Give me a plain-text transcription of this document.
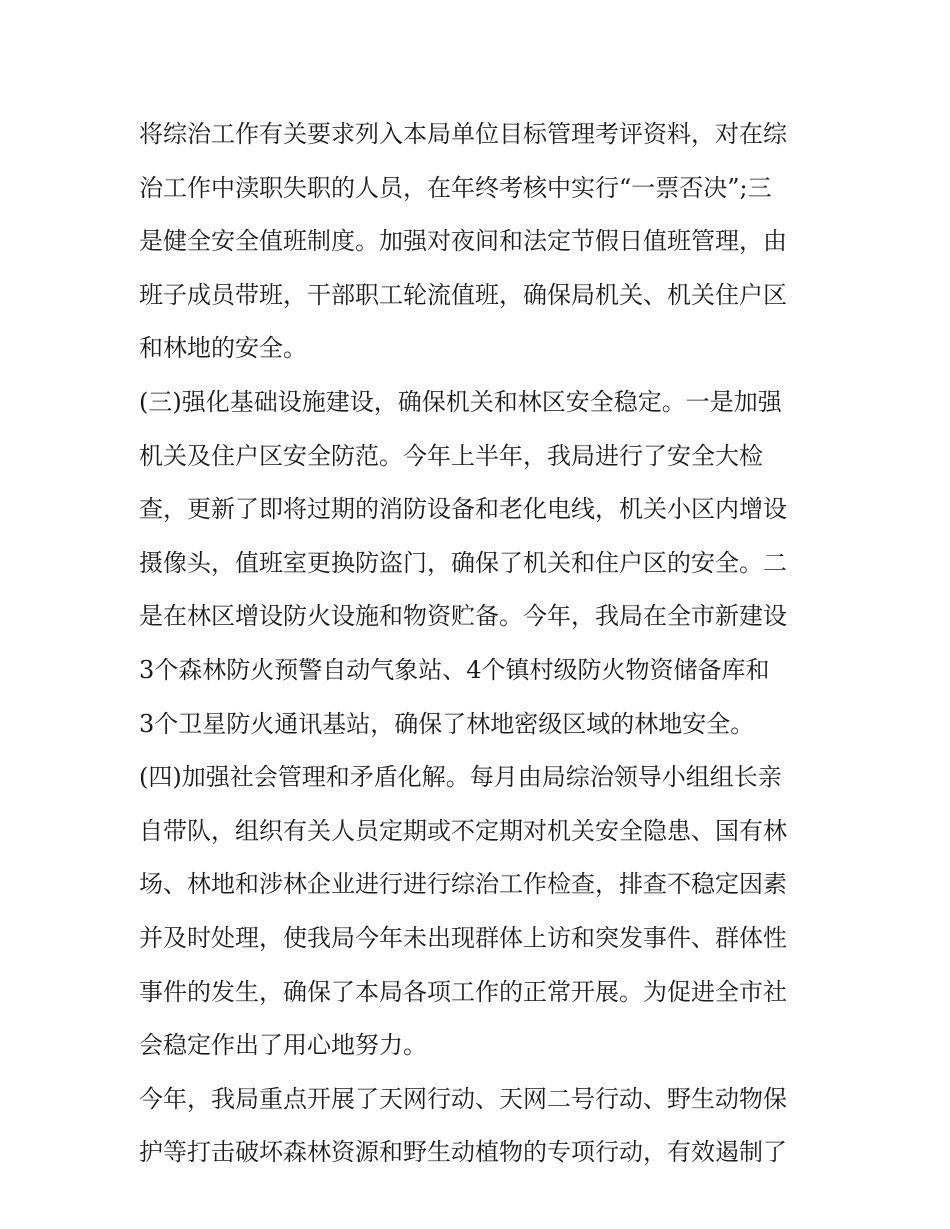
将综治工作有关要求列入本局单位目标管理考评资料，对在综
治工作中渎职失职的人员，在年终考核中实行“一票否决”;三
是健全安全值班制度。加强对夜间和法定节假日值班管理，由
班子成员带班，干部职工轮流值班，确保局机关、机关住户区
和林地的安全。
(三)强化基础设施建设，确保机关和林区安全稳定。一是加强
机关及住户区安全防范。今年上半年，我局进行了安全大检
查，更新了即将过期的消防设备和老化电线，机关小区内增设
摄像头，值班室更换防盗门，确保了机关和住户区的安全。二
是在林区增设防火设施和物资贮备。今年，我局在全市新建设
3个森林防火预警自动气象站、4个镇村级防火物资储备库和
3个卫星防火通讯基站，确保了林地密级区域的林地安全。
(四)加强社会管理和矛盾化解。每月由局综治领导小组组长亲
自带队，组织有关人员定期或不定期对机关安全隐患、国有林
场、林地和涉林企业进行进行综治工作检查，排查不稳定因素
并及时处理，使我局今年未出现群体上访和突发事件、群体性
事件的发生，确保了本局各项工作的正常开展。为促进全市社
会稳定作出了用心地努力。
今年，我局重点开展了天网行动、天网二号行动、野生动物保
护等打击破坏森林资源和野生动植物的专项行动，有效遏制了
